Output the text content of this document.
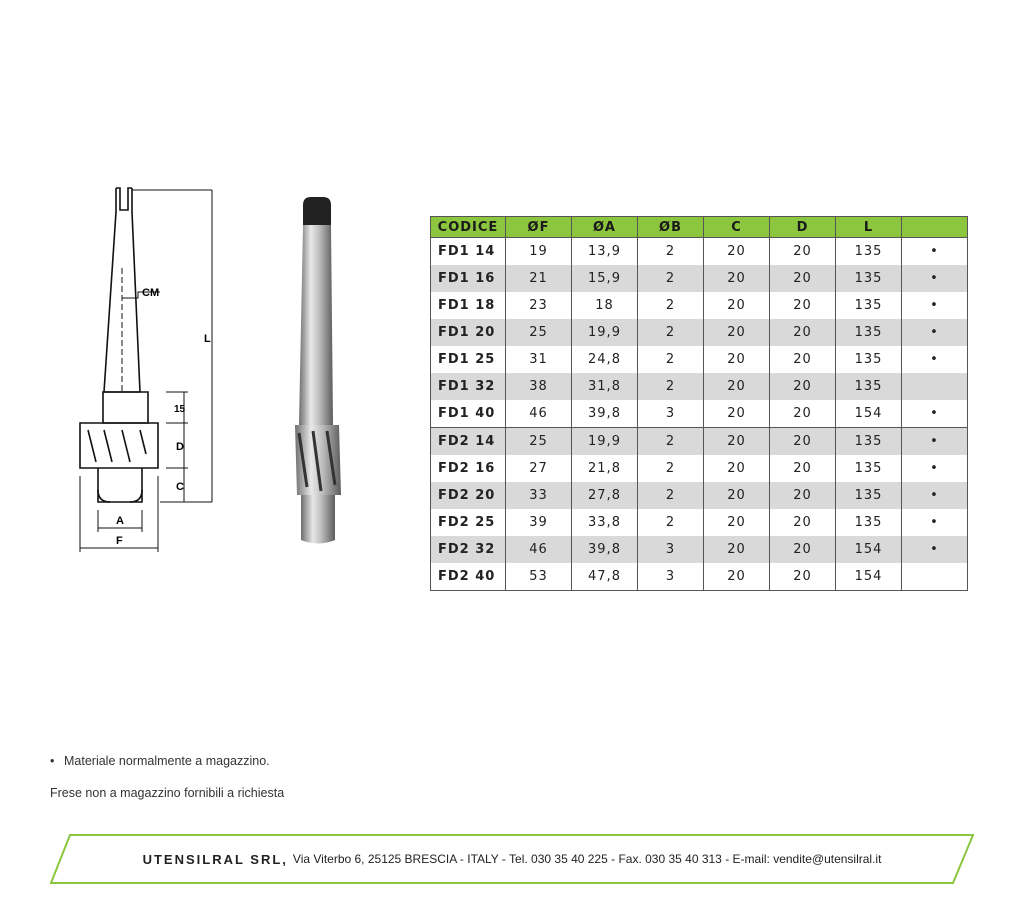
CM
L
15
D
C
A
F
CODICE	ØF	ØA	ØB	C	D	L	
FD1 14	19	13,9	2	20	20	135	•
FD1 16	21	15,9	2	20	20	135	•
FD1 18	23	18	2	20	20	135	•
FD1 20	25	19,9	2	20	20	135	•
FD1 25	31	24,8	2	20	20	135	•
FD1 32	38	31,8	2	20	20	135	
FD1 40	46	39,8	3	20	20	154	•
FD2 14	25	19,9	2	20	20	135	•
FD2 16	27	21,8	2	20	20	135	•
FD2 20	33	27,8	2	20	20	135	•
FD2 25	39	33,8	2	20	20	135	•
FD2 32	46	39,8	3	20	20	154	•
FD2 40	53	47,8	3	20	20	154	
• Materiale normalmente a magazzino.
Frese non a magazzino fornibili a richiesta
UTENSILRAL SRL, Via Viterbo 6, 25125 BRESCIA - ITALY - Tel. 030 35 40 225 - Fax. 030 35 40 313 - E-mail: vendite@utensilral.it
